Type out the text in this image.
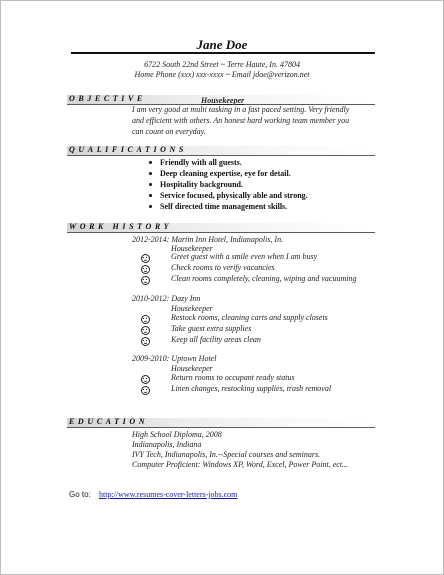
Jane Doe
6722 South 22nd Street ~ Terre Haute, In. 47804
Home Phone (xxx) xxx-xxxx ~ Email jdoe@verizon.net
OBJECTIVE	Housekeeper
I am very good at multi tasking in a fast paced setting. Very friendly
and efficient with others. An honest hard working team member you
can count on everyday.
QUALIFICATIONS
Friendly with all guests.
Deep cleaning expertise, eye for detail.
Hospitality background.
Service focused, physically able and strong.
Self directed time management skills.
WORK HISTORY
2012-2014: Martin Inn Hotel, Indianapolis, In.
Housekeeper
Greet guest with a smile even when I am busy
Check rooms to verify vacancies
Clean rooms completely, cleaning, wiping and vacuuming
2010-2012: Dazy Inn
Housekeeper
Restock rooms, cleaning carts and supply closets
Take guest extra supplies
Keep all facility areas clean
2009-2010: Uptown Hotel
Housekeeper
Return rooms to occupant ready status
Linen changes, restocking supplies, trash removal
EDUCATION
High School Diploma, 2008
Indianapolis, Indiana
IVY Tech, Indianapolis, In.--Special courses and seminars.
Computer Proficient: Windows XP, Word, Excel, Power Point, ect...
Go to: http://www.resumes-cover-letters-jobs.com
